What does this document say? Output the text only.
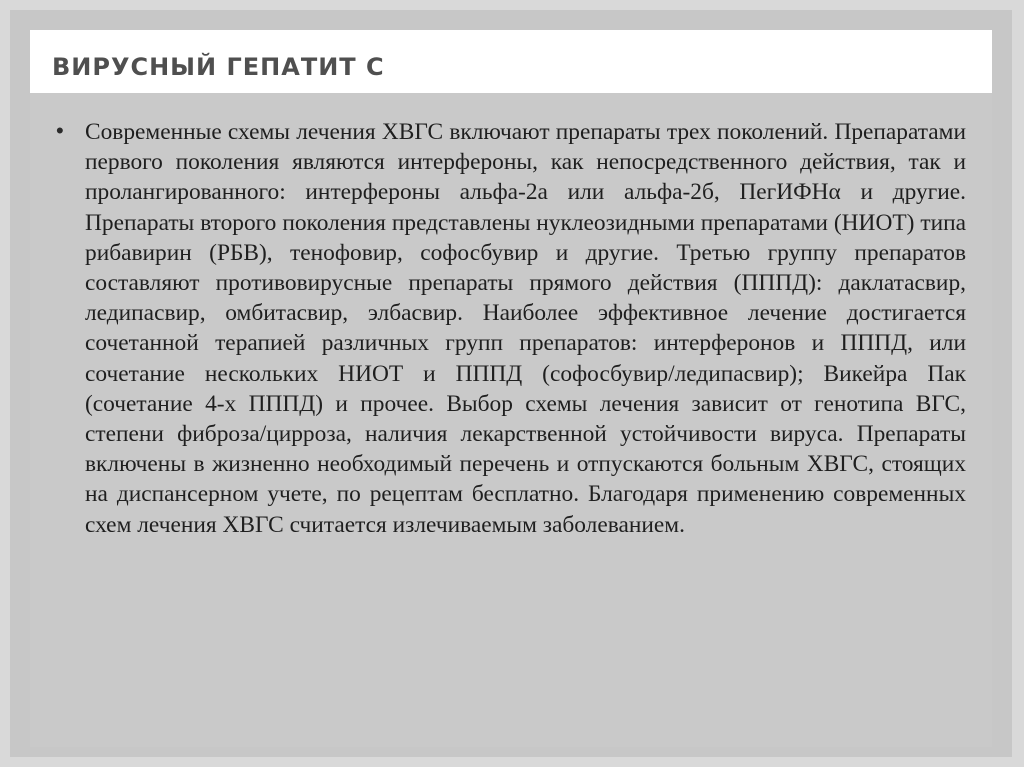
ВИРУСНЫЙ ГЕПАТИТ С
• Современные схемы лечения ХВГС включают препараты трех поколений. Препаратами первого поколения являются интерфероны, как непосредственного действия, так и пролангированного: интерфероны альфа-2а или альфа-2б, ПегИФНα и другие. Препараты второго поколения представлены нуклеозидными препаратами (НИОТ) типа рибавирин (РБВ), тенофовир, софосбувир и другие. Третью группу препаратов составляют противовирусные препараты прямого действия (ПППД): даклатасвир, ледипасвир, омбитасвир, элбасвир. Наиболее эффективное лечение достигается сочетанной терапией различных групп препаратов: интерферонов и ПППД, или сочетание нескольких НИОТ и ПППД (софосбувир/ледипасвир); Викейра Пак (сочетание 4-х ПППД) и прочее. Выбор схемы лечения зависит от генотипа ВГС, степени фиброза/цирроза, наличия лекарственной устойчивости вируса. Препараты включены в жизненно необходимый перечень и отпускаются больным ХВГС, стоящих на диспансерном учете, по рецептам бесплатно. Благодаря применению современных схем лечения ХВГС считается излечиваемым заболеванием.
